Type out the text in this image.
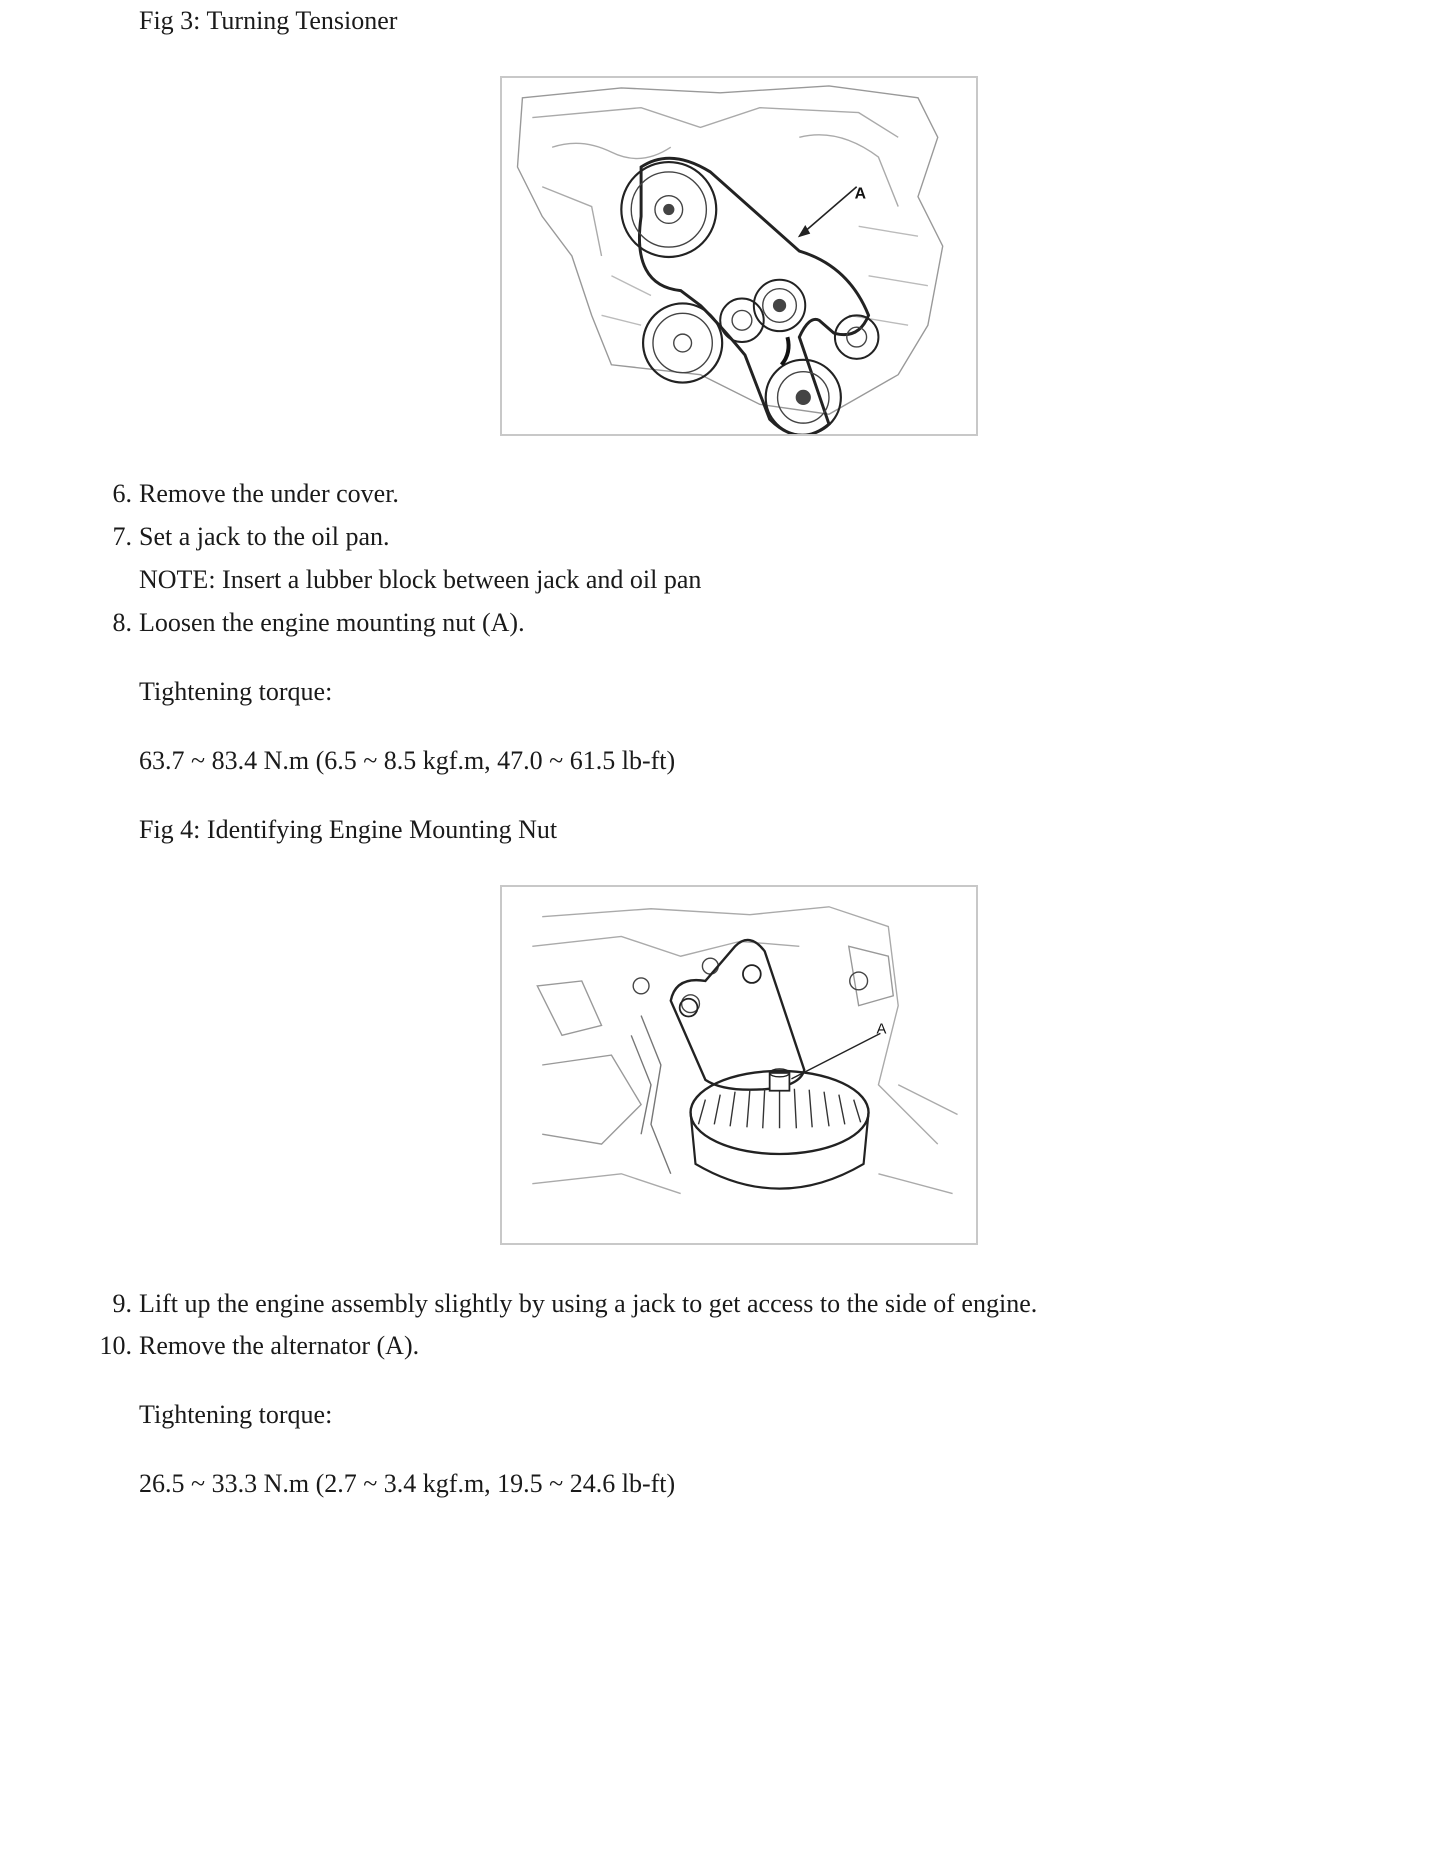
Fig 3: Turning Tensioner
A
6. Remove the under cover.
7. Set a jack to the oil pan.
NOTE: Insert a lubber block between jack and oil pan
8. Loosen the engine mounting nut (A).
Tightening torque:
63.7 ~ 83.4 N.m (6.5 ~ 8.5 kgf.m, 47.0 ~ 61.5 lb-ft)
Fig 4: Identifying Engine Mounting Nut
A
9. Lift up the engine assembly slightly by using a jack to get access to the side of engine.
10. Remove the alternator (A).
Tightening torque:
26.5 ~ 33.3 N.m (2.7 ~ 3.4 kgf.m, 19.5 ~ 24.6 lb-ft)
